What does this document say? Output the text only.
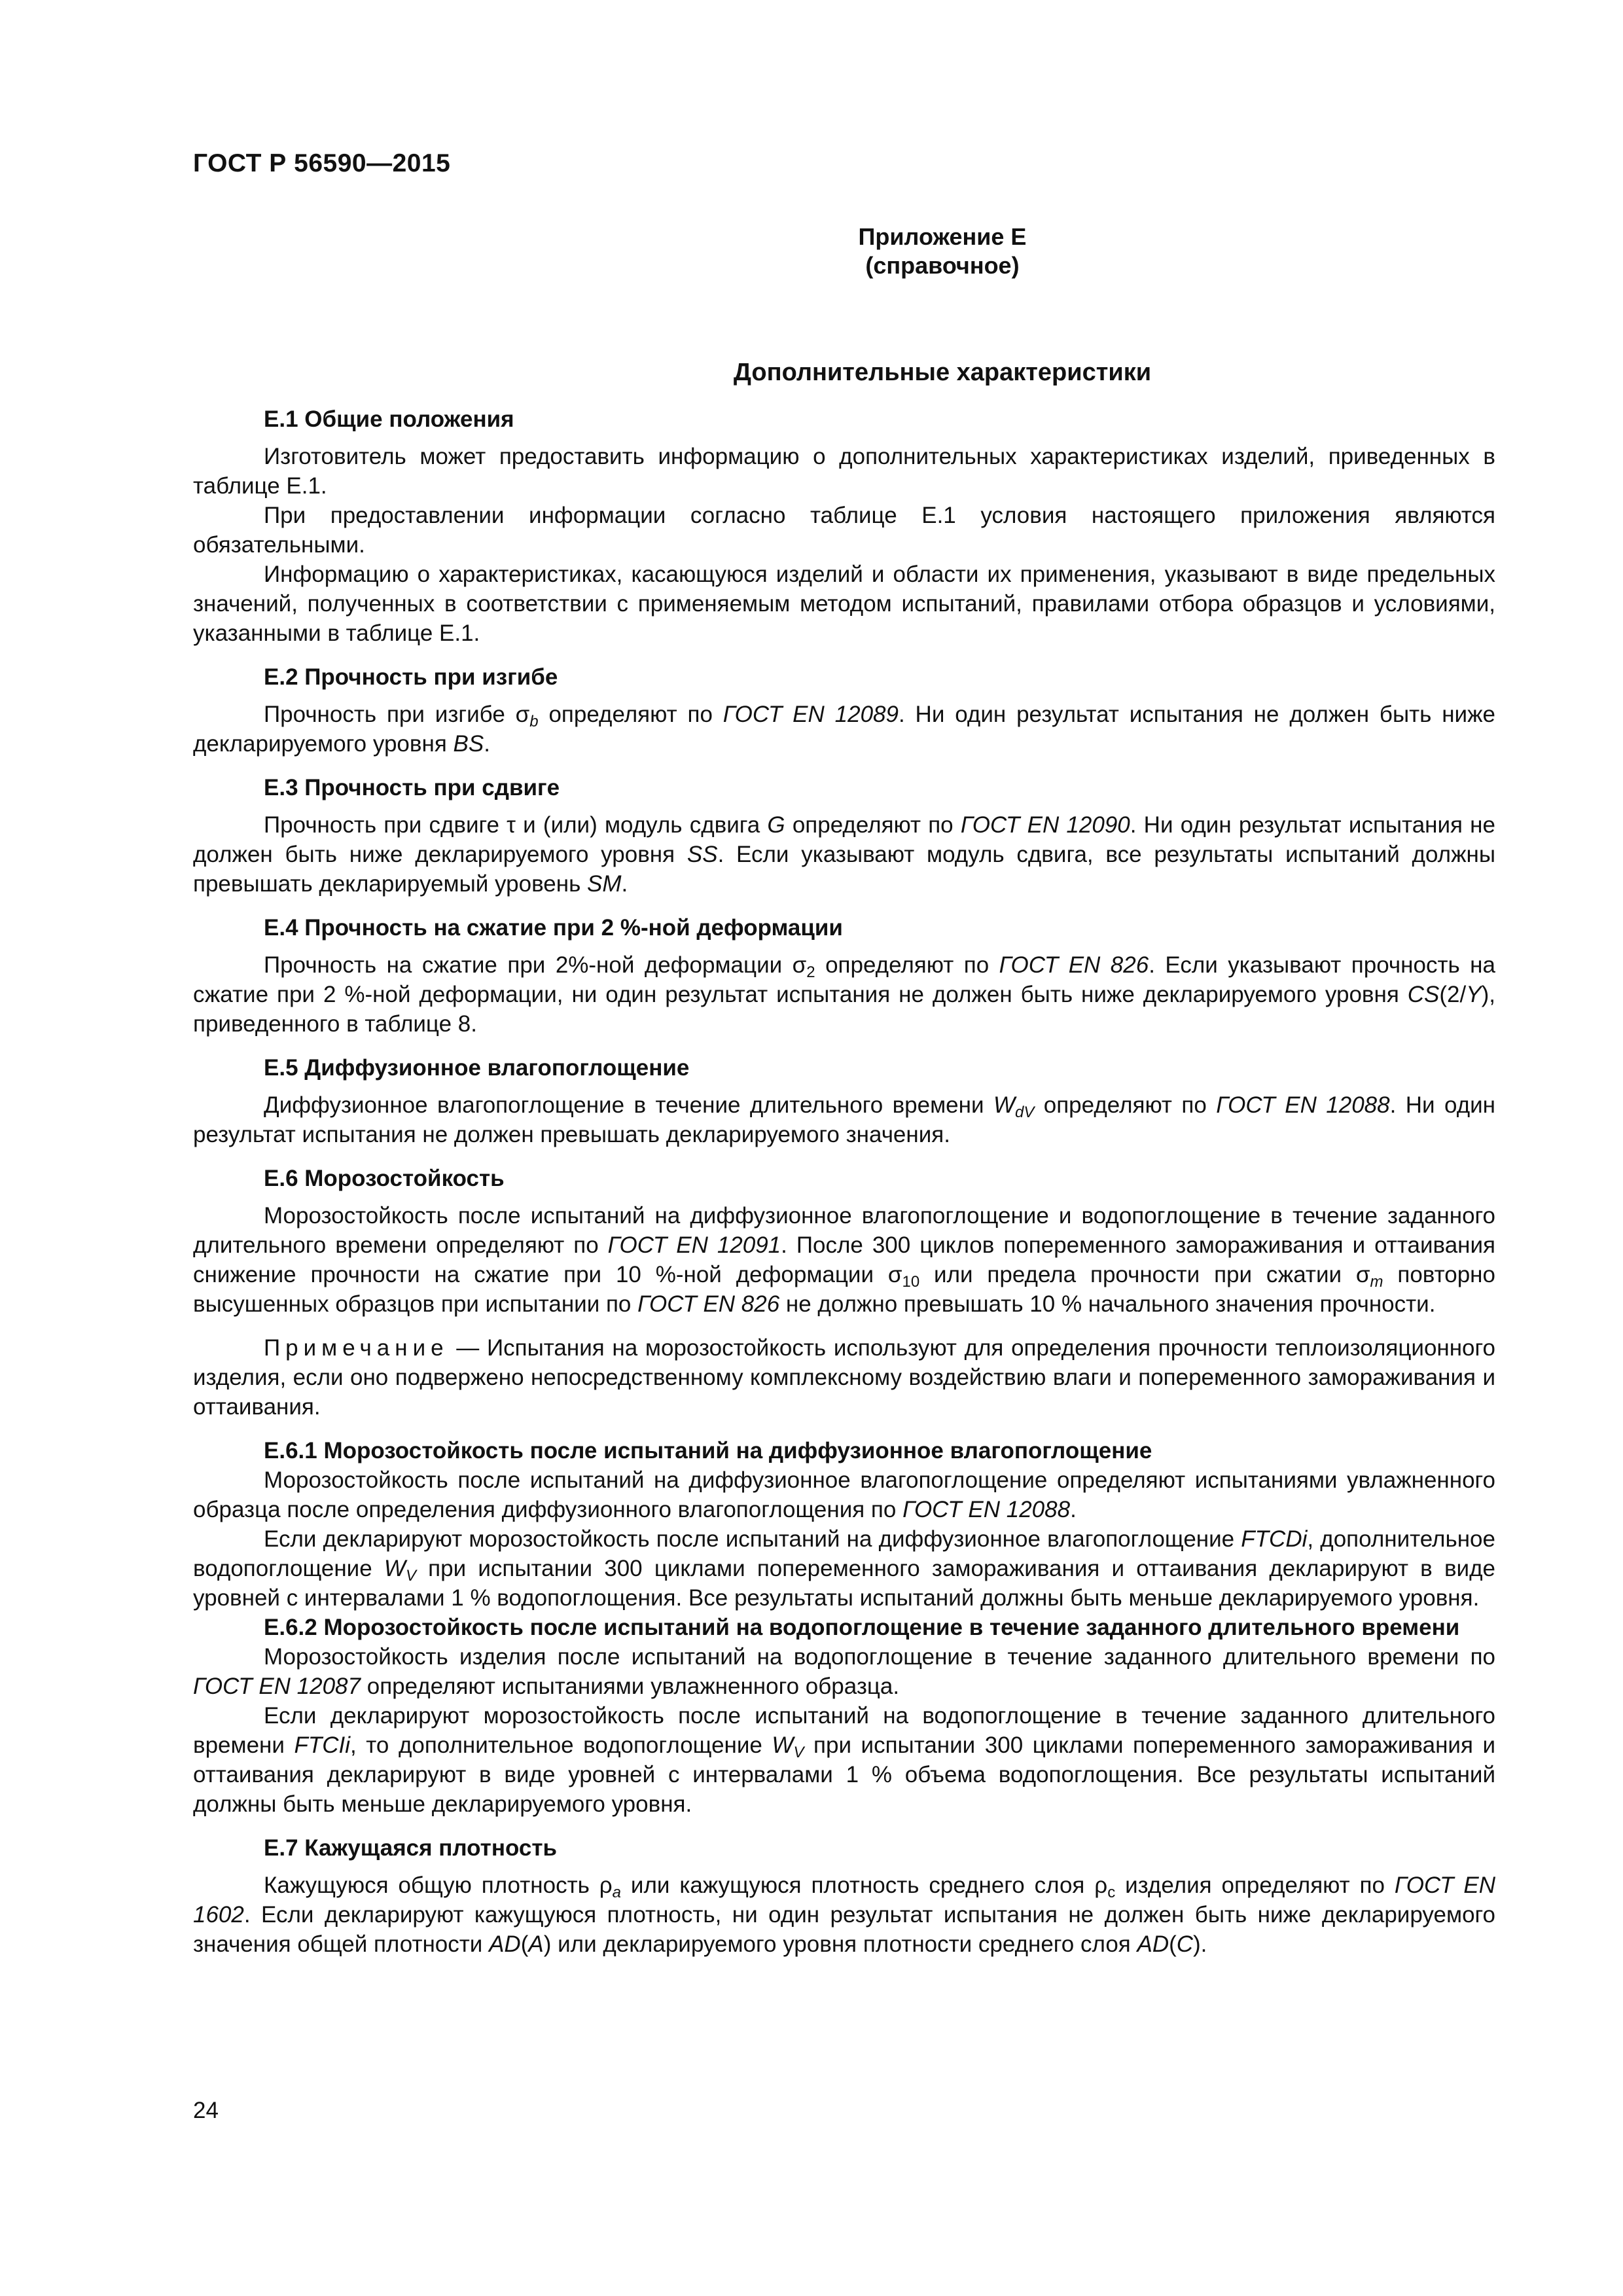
ГОСТ Р 56590—2015
Приложение Е
(справочное)
Дополнительные характеристики

Е.1 Общие положения

Изготовитель может предоставить информацию о дополнительных характеристиках изделий, приведенных в таблице Е.1.

При предоставлении информации согласно таблице Е.1 условия настоящего приложения являются обязательными.

Информацию о характеристиках, касающуюся изделий и области их применения, указывают в виде предельных значений, полученных в соответствии с применяемым методом испытаний, правилами отбора образцов и условиями, указанными в таблице Е.1.

Е.2 Прочность при изгибе

Прочность при изгибе $\sigma_b$ определяют по ГОСТ EN 12089. Ни один результат испытания не должен быть ниже декларируемого уровня BS.

Е.3 Прочность при сдвиге

Прочность при сдвиге τ и (или) модуль сдвига G определяют по ГОСТ EN 12090. Ни один результат испытания не должен быть ниже декларируемого уровня SS. Если указывают модуль сдвига, все результаты испытаний должны превышать декларируемый уровень SM.

Е.4 Прочность на сжатие при 2 %-ной деформации

Прочность на сжатие при 2%-ной деформации $\sigma_2$ определяют по ГОСТ EN 826. Если указывают прочность на сжатие при 2 %-ной деформации, ни один результат испытания не должен быть ниже декларируемого уровня CS(2/Y), приведенного в таблице 8.

Е.5 Диффузионное влагопоглощение

Диффузионное влагопоглощение в течение длительного времени $W_{dV}$ определяют по ГОСТ EN 12088. Ни один результат испытания не должен превышать декларируемого значения.

Е.6 Морозостойкость

Морозостойкость после испытаний на диффузионное влагопоглощение и водопоглощение в течение заданного длительного времени определяют по ГОСТ EN 12091. После 300 циклов попеременного замораживания и оттаивания снижение прочности на сжатие при 10 %-ной деформации $\sigma_{10}$ или предела прочности при сжатии $\sigma_m$ повторно высушенных образцов при испытании по ГОСТ EN 826 не должно превышать 10 % начального значения прочности.

Примечание — Испытания на морозостойкость используют для определения прочности теплоизоляционного изделия, если оно подвержено непосредственному комплексному воздействию влаги и попеременного замораживания и оттаивания.

Е.6.1 Морозостойкость после испытаний на диффузионное влагопоглощение

Морозостойкость после испытаний на диффузионное влагопоглощение определяют испытаниями увлажненного образца после определения диффузионного влагопоглощения по ГОСТ EN 12088.

Если декларируют морозостойкость после испытаний на диффузионное влагопоглощение FTCDi, дополнительное водопоглощение $W_V$ при испытании 300 циклами попеременного замораживания и оттаивания декларируют в виде уровней с интервалами 1 % водопоглощения. Все результаты испытаний должны быть меньше декларируемого уровня.

Е.6.2 Морозостойкость после испытаний на водопоглощение в течение заданного длительного времени

Морозостойкость изделия после испытаний на водопоглощение в течение заданного длительного времени по ГОСТ EN 12087 определяют испытаниями увлажненного образца.

Если декларируют морозостойкость после испытаний на водопоглощение в течение заданного длительного времени FTCIi, то дополнительное водопоглощение $W_V$ при испытании 300 циклами попеременного замораживания и оттаивания декларируют в виде уровней с интервалами 1 % объема водопоглощения. Все результаты испытаний должны быть меньше декларируемого уровня.

Е.7 Кажущаяся плотность

Кажущуюся общую плотность $\rho_a$ или кажущуюся плотность среднего слоя $\rho_c$ изделия определяют по ГОСТ EN 1602. Если декларируют кажущуюся плотность, ни один результат испытания не должен быть ниже декларируемого значения общей плотности AD(A) или декларируемого уровня плотности среднего слоя AD(C).

24
